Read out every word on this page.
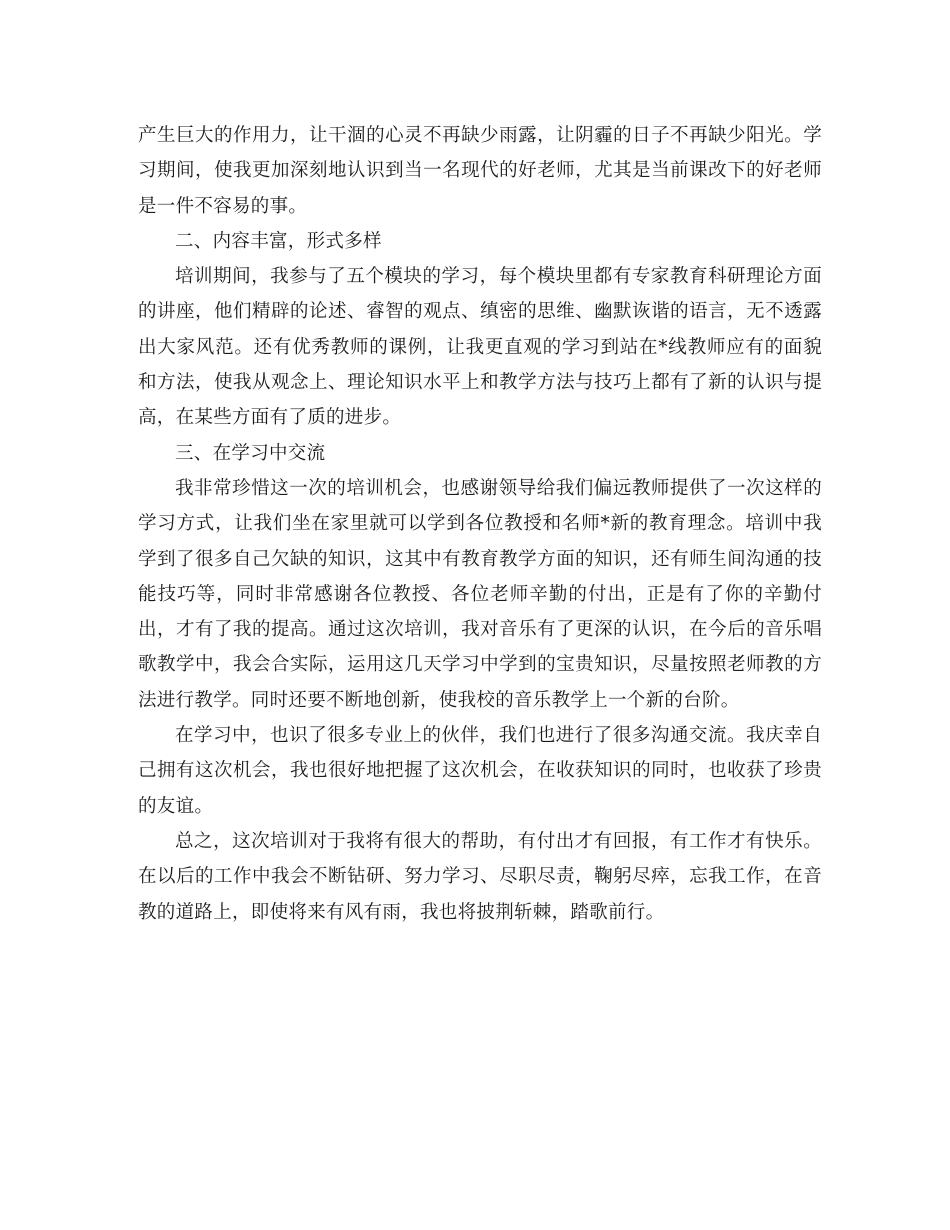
产生巨大的作用力，让干涸的心灵不再缺少雨露，让阴霾的日子不再缺少阳光。学习期间，使我更加深刻地认识到当一名现代的好老师，尤其是当前课改下的好老师是一件不容易的事。

二、内容丰富，形式多样

培训期间，我参与了五个模块的学习，每个模块里都有专家教育科研理论方面的讲座，他们精辟的论述、睿智的观点、缜密的思维、幽默诙谐的语言，无不透露出大家风范。还有优秀教师的课例，让我更直观的学习到站在*线教师应有的面貌和方法，使我从观念上、理论知识水平上和教学方法与技巧上都有了新的认识与提高，在某些方面有了质的进步。

三、在学习中交流

我非常珍惜这一次的培训机会，也感谢领导给我们偏远教师提供了一次这样的学习方式，让我们坐在家里就可以学到各位教授和名师*新的教育理念。培训中我学到了很多自己欠缺的知识，这其中有教育教学方面的知识，还有师生间沟通的技能技巧等，同时非常感谢各位教授、各位老师辛勤的付出，正是有了你的辛勤付出，才有了我的提高。通过这次培训，我对音乐有了更深的认识，在今后的音乐唱歌教学中，我会合实际，运用这几天学习中学到的宝贵知识，尽量按照老师教的方法进行教学。同时还要不断地创新，使我校的音乐教学上一个新的台阶。

在学习中，也识了很多专业上的伙伴，我们也进行了很多沟通交流。我庆幸自己拥有这次机会，我也很好地把握了这次机会，在收获知识的同时，也收获了珍贵的友谊。

总之，这次培训对于我将有很大的帮助，有付出才有回报，有工作才有快乐。在以后的工作中我会不断钻研、努力学习、尽职尽责，鞠躬尽瘁，忘我工作，在音教的道路上，即使将来有风有雨，我也将披荆斩棘，踏歌前行。
